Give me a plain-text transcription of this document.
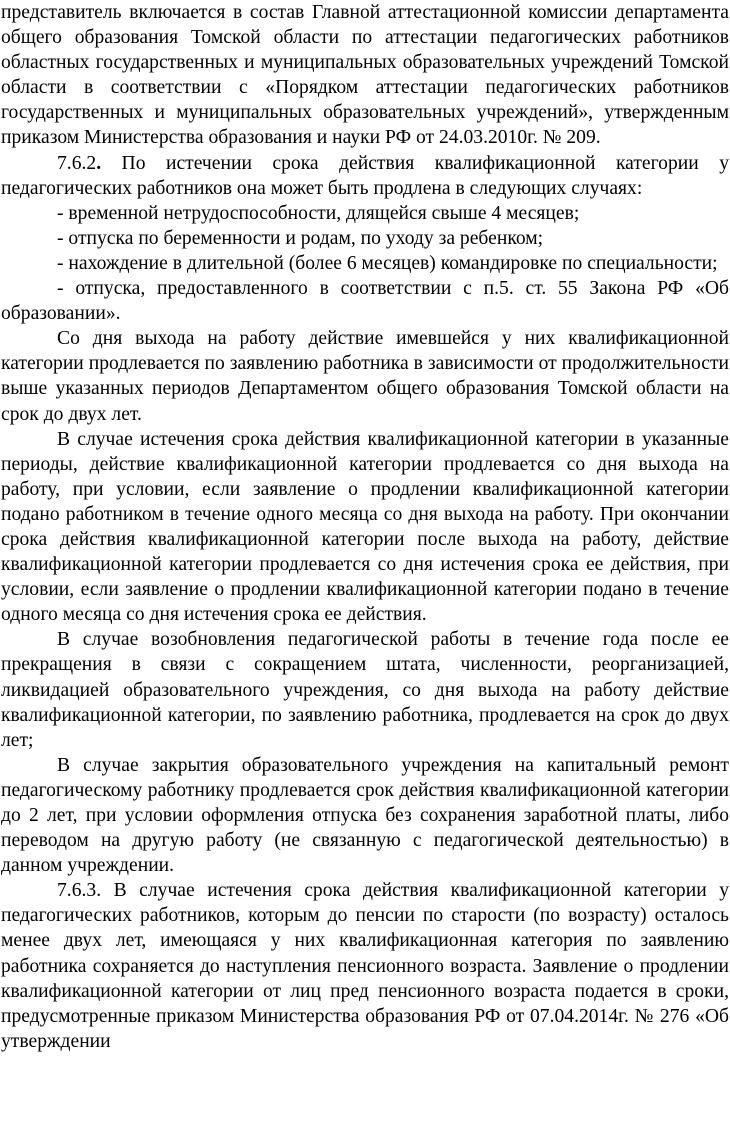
представитель включается в состав Главной аттестационной комиссии департамента общего образования Томской области по аттестации педагогических работников областных государственных и муниципальных образовательных учреждений Томской области в соответствии с «Порядком аттестации педагогических работников государственных и муниципальных образовательных учреждений», утвержденным приказом Министерства образования и науки РФ от 24.03.2010г. № 209.

7.6.2. По истечении срока действия квалификационной категории у педагогических работников она может быть продлена в следующих случаях:

- временной нетрудоспособности, длящейся свыше 4 месяцев;

- отпуска по беременности и родам, по уходу за ребенком;

- нахождение в длительной (более 6 месяцев) командировке по специальности;

- отпуска, предоставленного в соответствии с п.5. ст. 55 Закона РФ «Об образовании».

Со дня выхода на работу действие имевшейся у них квалификационной категории продлевается по заявлению работника в зависимости от продолжительности выше указанных периодов Департаментом общего образования Томской области на срок до двух лет.

В случае истечения срока действия квалификационной категории в указанные периоды, действие квалификационной категории продлевается со дня выхода на работу, при условии, если заявление о продлении квалификационной категории подано работником в течение одного месяца со дня выхода на работу. При окончании срока действия квалификационной категории после выхода на работу, действие квалификационной категории продлевается со дня истечения срока ее действия, при условии, если заявление о продлении квалификационной категории подано в течение одного месяца со дня истечения срока ее действия.

В случае возобновления педагогической работы в течение года после ее прекращения в связи с сокращением штата, численности, реорганизацией, ликвидацией образовательного учреждения, со дня выхода на работу действие квалификационной категории, по заявлению работника, продлевается на срок до двух лет;

В случае закрытия образовательного учреждения на капитальный ремонт педагогическому работнику продлевается срок действия квалификационной категории до 2 лет, при условии оформления отпуска без сохранения заработной платы, либо переводом на другую работу (не связанную с педагогической деятельностью) в данном учреждении.

7.6.3. В случае истечения срока действия квалификационной категории у педагогических работников, которым до пенсии по старости (по возрасту) осталось менее двух лет, имеющаяся у них квалификационная категория по заявлению работника сохраняется до наступления пенсионного возраста. Заявление о продлении квалификационной категории от лиц пред пенсионного возраста подается в сроки, предусмотренные приказом Министерства образования РФ от 07.04.2014г. № 276 «Об утверждении
